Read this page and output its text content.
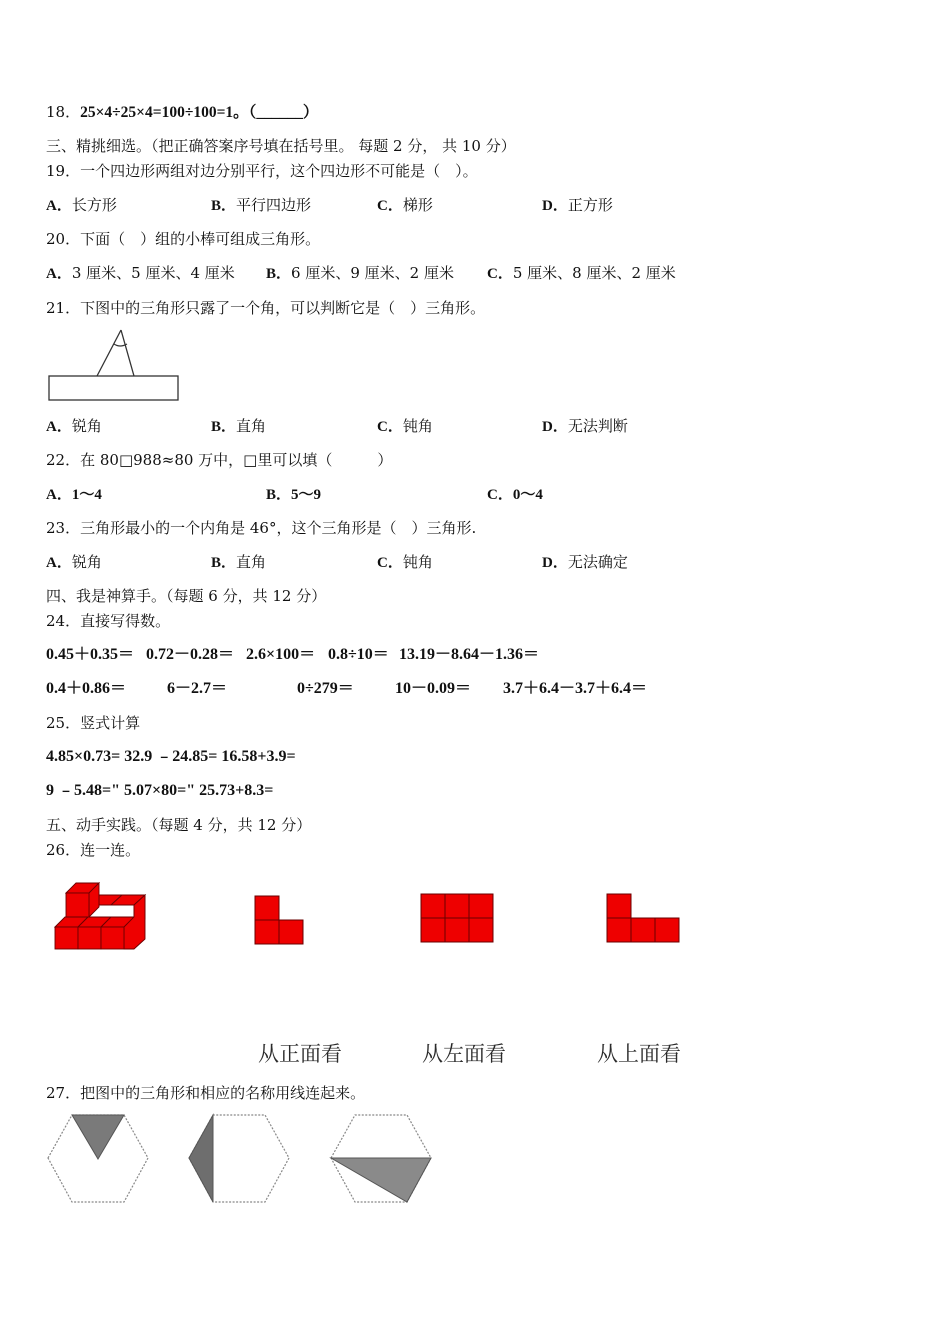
18．25×4÷25×4=100÷100=1。（______）
三、精挑细选。（把正确答案序号填在括号里。 每题 2 分， 共 10 分）
19．一个四边形两组对边分别平行，这个四边形不可能是（　）。
A．长方形	B．平行四边形	C．梯形	D．正方形
20．下面（　）组的小棒可组成三角形。
A．3 厘米、5 厘米、4 厘米 B．6 厘米、9 厘米、2 厘米 C．5 厘米、8 厘米、2 厘米
21．下图中的三角形只露了一个角，可以判断它是（　）三角形。
A．锐角	B．直角	C．钝角	D．无法判断
22．在 80□988≈80 万中，□里可以填（　　　）
A．1～4	B．5～9	C．0～4
23．三角形最小的一个内角是 46°，这个三角形是（　）三角形.
A．锐角	B．直角	C．钝角	D．无法确定
四、我是神算手。（每题 6 分，共 12 分）
24．直接写得数。
0.45＋0.35＝ 0.72－0.28＝ 2.6×100＝ 0.8÷10＝ 13.19－8.64－1.36＝
0.4＋0.86＝	6－2.7＝	0÷279＝	10－0.09＝ 3.7＋6.4－3.7＋6.4＝
25．竖式计算
4.85×0.73= 32.9 ﹣24.85= 16.58+3.9=
9 ﹣5.48=" 5.07×80=" 25.73+8.3=
五、动手实践。（每题 4 分，共 12 分）
26．连一连。
从正面看	从左面看	从上面看
27．把图中的三角形和相应的名称用线连起来。
